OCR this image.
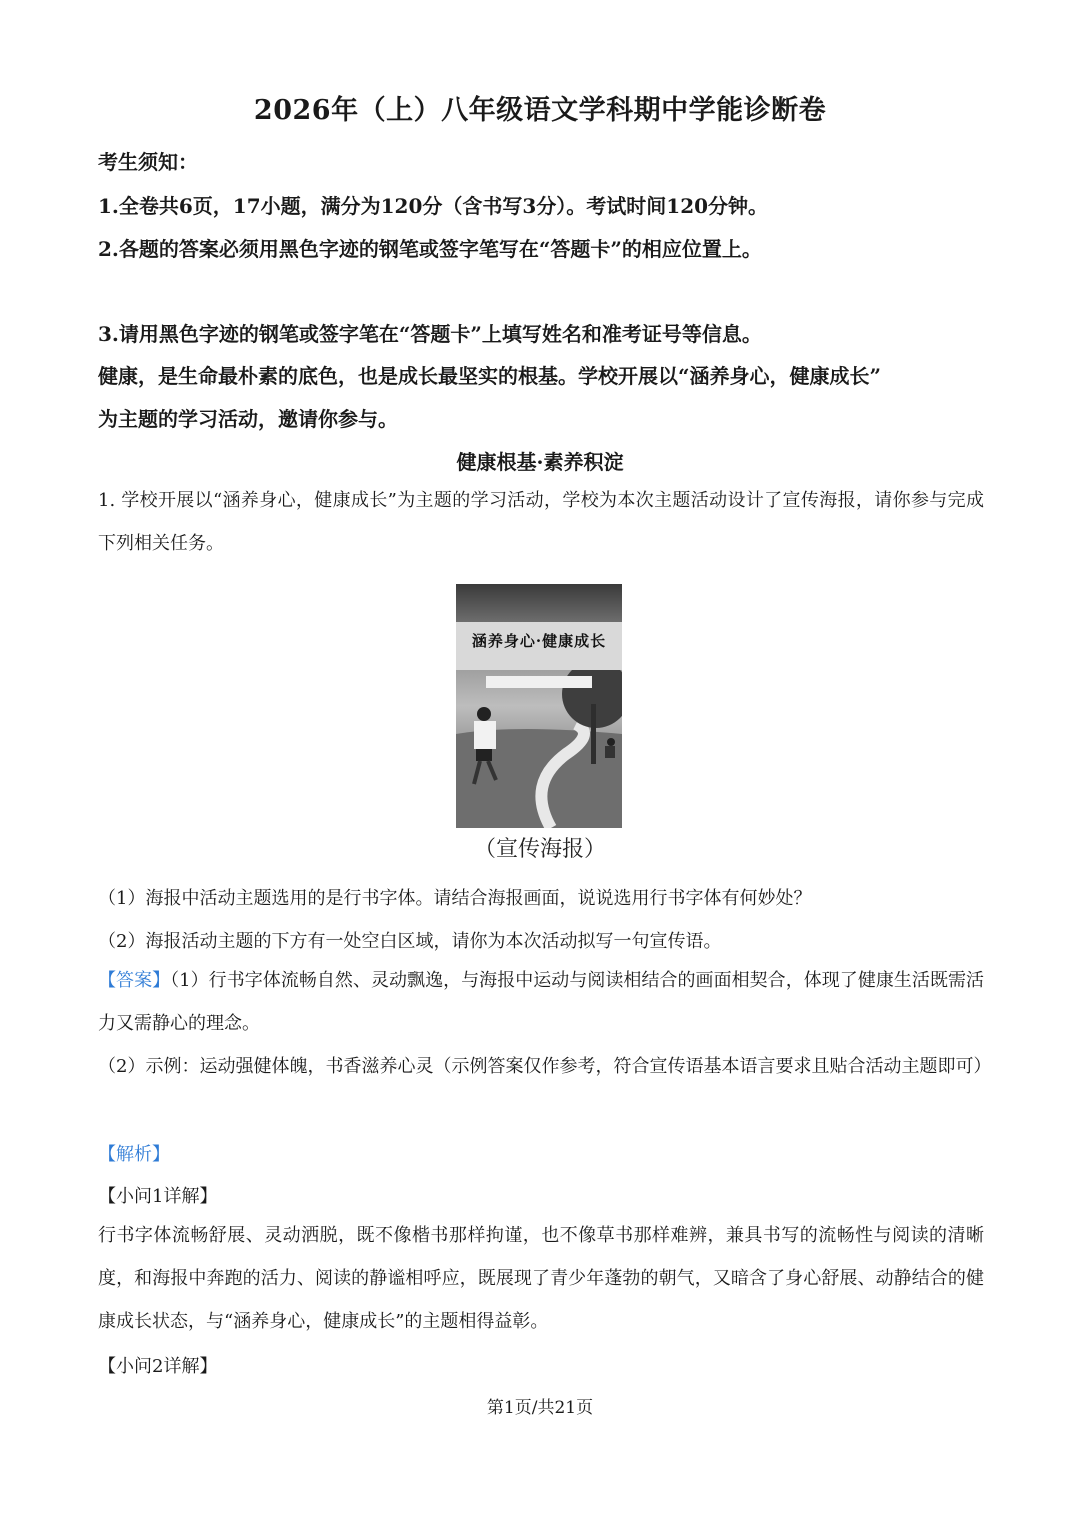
2026年（上）八年级语文学科期中学能诊断卷
考生须知：
1.全卷共6页，17小题，满分为120分（含书写3分）。考试时间120分钟。
2.各题的答案必须用黑色字迹的钢笔或签字笔写在“答题卡”的相应位置上。
3.请用黑色字迹的钢笔或签字笔在“答题卡”上填写姓名和准考证号等信息。
健康，是生命最朴素的底色，也是成长最坚实的根基。学校开展以“涵养身心，健康成长”
为主题的学习活动，邀请你参与。
健康根基·素养积淀

1. 学校开展以“涵养身心，健康成长”为主题的学习活动，学校为本次主题活动设计了宣传海报，请你参与完成下列相关任务。

涵养身心·健康成长
（宣传海报）
（1）海报中活动主题选用的是行书字体。请结合海报画面，说说选用行书字体有何妙处？
（2）海报活动主题的下方有一处空白区域，请你为本次活动拟写一句宣传语。

【答案】（1）行书字体流畅自然、灵动飘逸，与海报中运动与阅读相结合的画面相契合，体现了健康生活既需活力又需静心的理念。

（2）示例：运动强健体魄，书香滋养心灵（示例答案仅作参考，符合宣传语基本语言要求且贴合活动主题即可）

【解析】
【小问1详解】

行书字体流畅舒展、灵动洒脱，既不像楷书那样拘谨，也不像草书那样难辨，兼具书写的流畅性与阅读的清晰度，和海报中奔跑的活力、阅读的静谧相呼应，既展现了青少年蓬勃的朝气，又暗含了身心舒展、动静结合的健康成长状态，与“涵养身心，健康成长”的主题相得益彰。

【小问2详解】
第1页/共21页
